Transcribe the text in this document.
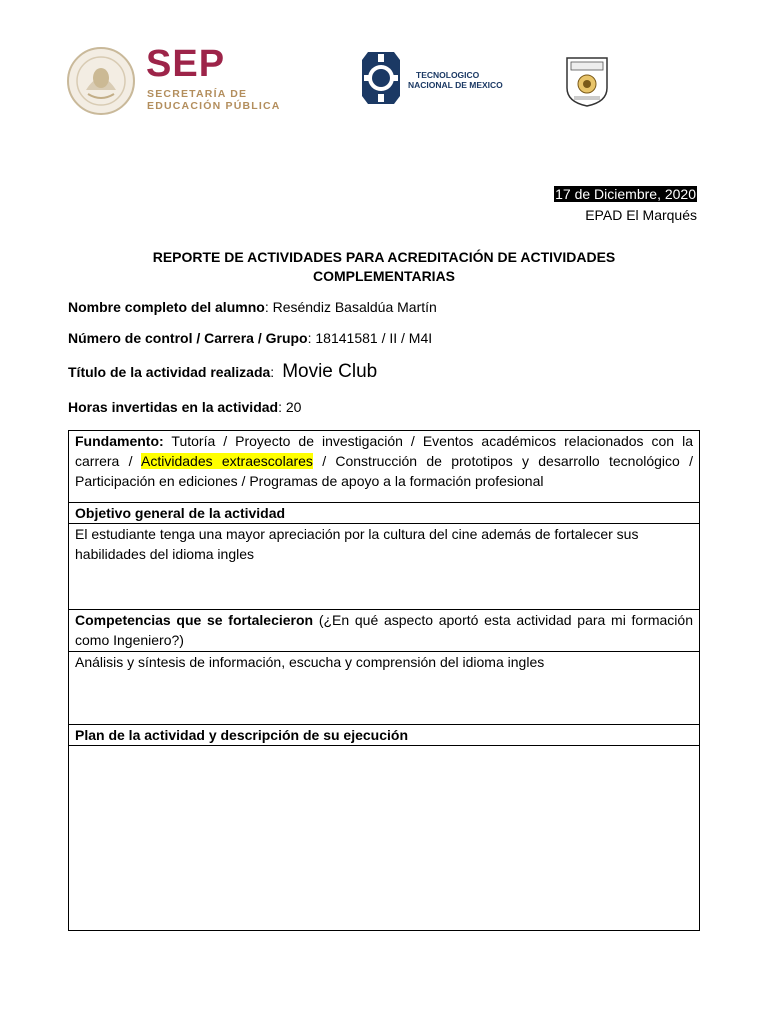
SEP
SECRETARÍA DE
EDUCACIÓN PÚBLICA
TECNOLOGICO
NACIONAL DE MEXICO
17 de Diciembre, 2020
EPAD El Marqués
REPORTE DE ACTIVIDADES PARA ACREDITACIÓN DE ACTIVIDADES
COMPLEMENTARIAS
Nombre completo del alumno: Reséndiz Basaldúa Martín
Número de control / Carrera / Grupo: 18141581 / II / M4I
Título de la actividad realizada: Movie Club
Horas invertidas en la actividad: 20
Fundamento: Tutoría / Proyecto de investigación / Eventos académicos relacionados con la carrera / Actividades extraescolares / Construcción de prototipos y desarrollo tecnológico / Participación en ediciones / Programas de apoyo a la formación profesional
Objetivo general de la actividad
El estudiante tenga una mayor apreciación por la cultura del cine además de fortalecer sus habilidades del idioma ingles
Competencias que se fortalecieron (¿En qué aspecto aportó esta actividad para mi formación como Ingeniero?)
Análisis y síntesis de información, escucha y comprensión del idioma ingles
Plan de la actividad y descripción de su ejecución
